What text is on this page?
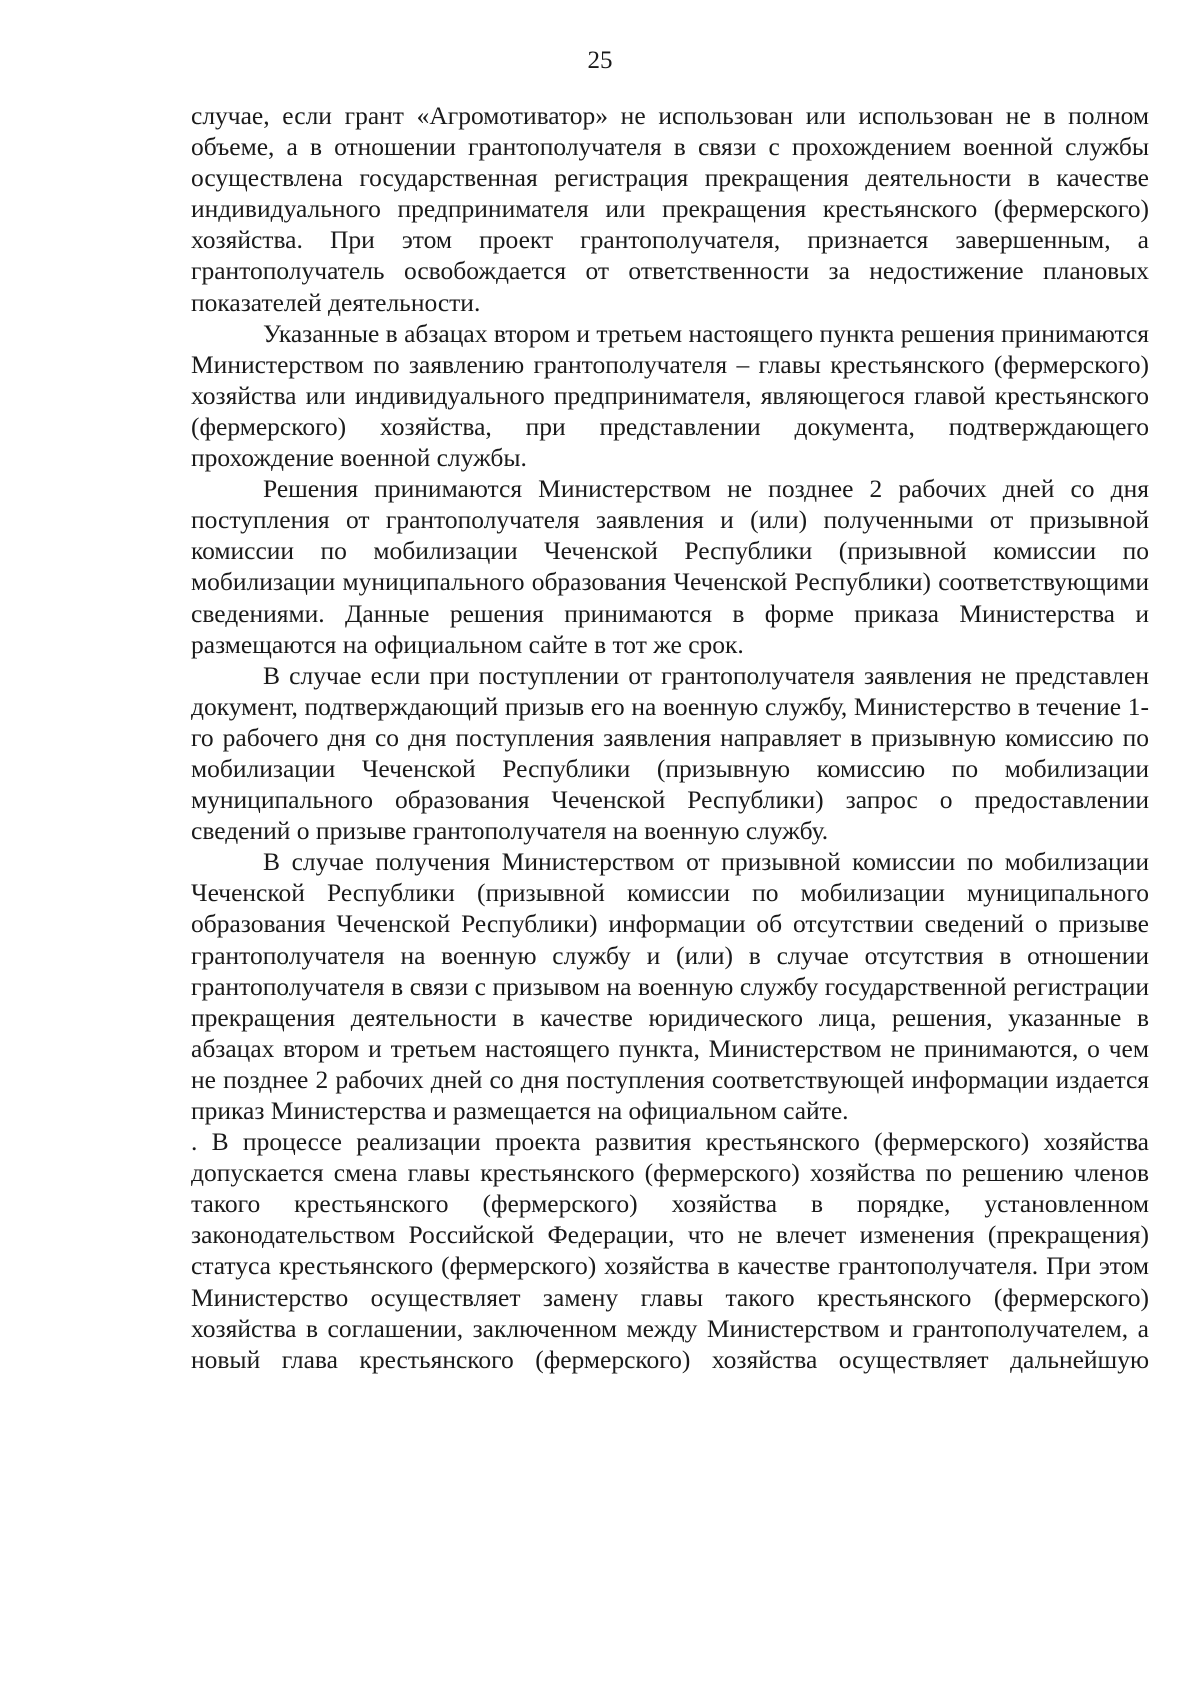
25

случае, если грант «Агромотиватор» не использован или использован не в полном объеме, а в отношении грантополучателя в связи с прохождением военной службы осуществлена государственная регистрация прекращения деятельности в качестве индивидуального предпринимателя или прекращения крестьянского (фермерского) хозяйства. При этом проект грантополучателя, признается завершенным, а грантополучатель освобождается от ответственности за недостижение плановых показателей деятельности.

Указанные в абзацах втором и третьем настоящего пункта решения принимаются Министерством по заявлению грантополучателя – главы крестьянского (фермерского) хозяйства или индивидуального предпринимателя, являющегося главой крестьянского (фермерского) хозяйства, при представлении документа, подтверждающего прохождение военной службы.

Решения принимаются Министерством не позднее 2 рабочих дней со дня поступления от грантополучателя заявления и (или) полученными от призывной комиссии по мобилизации Чеченской Республики (призывной комиссии по мобилизации муниципального образования Чеченской Республики) соответствующими сведениями. Данные решения принимаются в форме приказа Министерства и размещаются на официальном сайте в тот же срок.

В случае если при поступлении от грантополучателя заявления не представлен документ, подтверждающий призыв его на военную службу, Министерство в течение 1-го рабочего дня со дня поступления заявления направляет в призывную комиссию по мобилизации Чеченской Республики (призывную комиссию по мобилизации муниципального образования Чеченской Республики) запрос о предоставлении сведений о призыве грантополучателя на военную службу.

В случае получения Министерством от призывной комиссии по мобилизации Чеченской Республики (призывной комиссии по мобилизации муниципального образования Чеченской Республики) информации об отсутствии сведений о призыве грантополучателя на военную службу и (или) в случае отсутствия в отношении грантополучателя в связи с призывом на военную службу государственной регистрации прекращения деятельности в качестве юридического лица, решения, указанные в абзацах втором и третьем настоящего пункта, Министерством не принимаются, о чем не позднее 2 рабочих дней со дня поступления соответствующей информации издается приказ Министерства и размещается на официальном сайте.

. В процессе реализации проекта развития крестьянского (фермерского) хозяйства допускается смена главы крестьянского (фермерского) хозяйства по решению членов такого крестьянского (фермерского) хозяйства в порядке, установленном законодательством Российской Федерации, что не влечет изменения (прекращения) статуса крестьянского (фермерского) хозяйства в качестве грантополучателя. При этом Министерство осуществляет замену главы такого крестьянского (фермерского) хозяйства в соглашении, заключенном между Министерством и грантополучателем, а новый глава крестьянского (фермерского) хозяйства осуществляет дальнейшую
